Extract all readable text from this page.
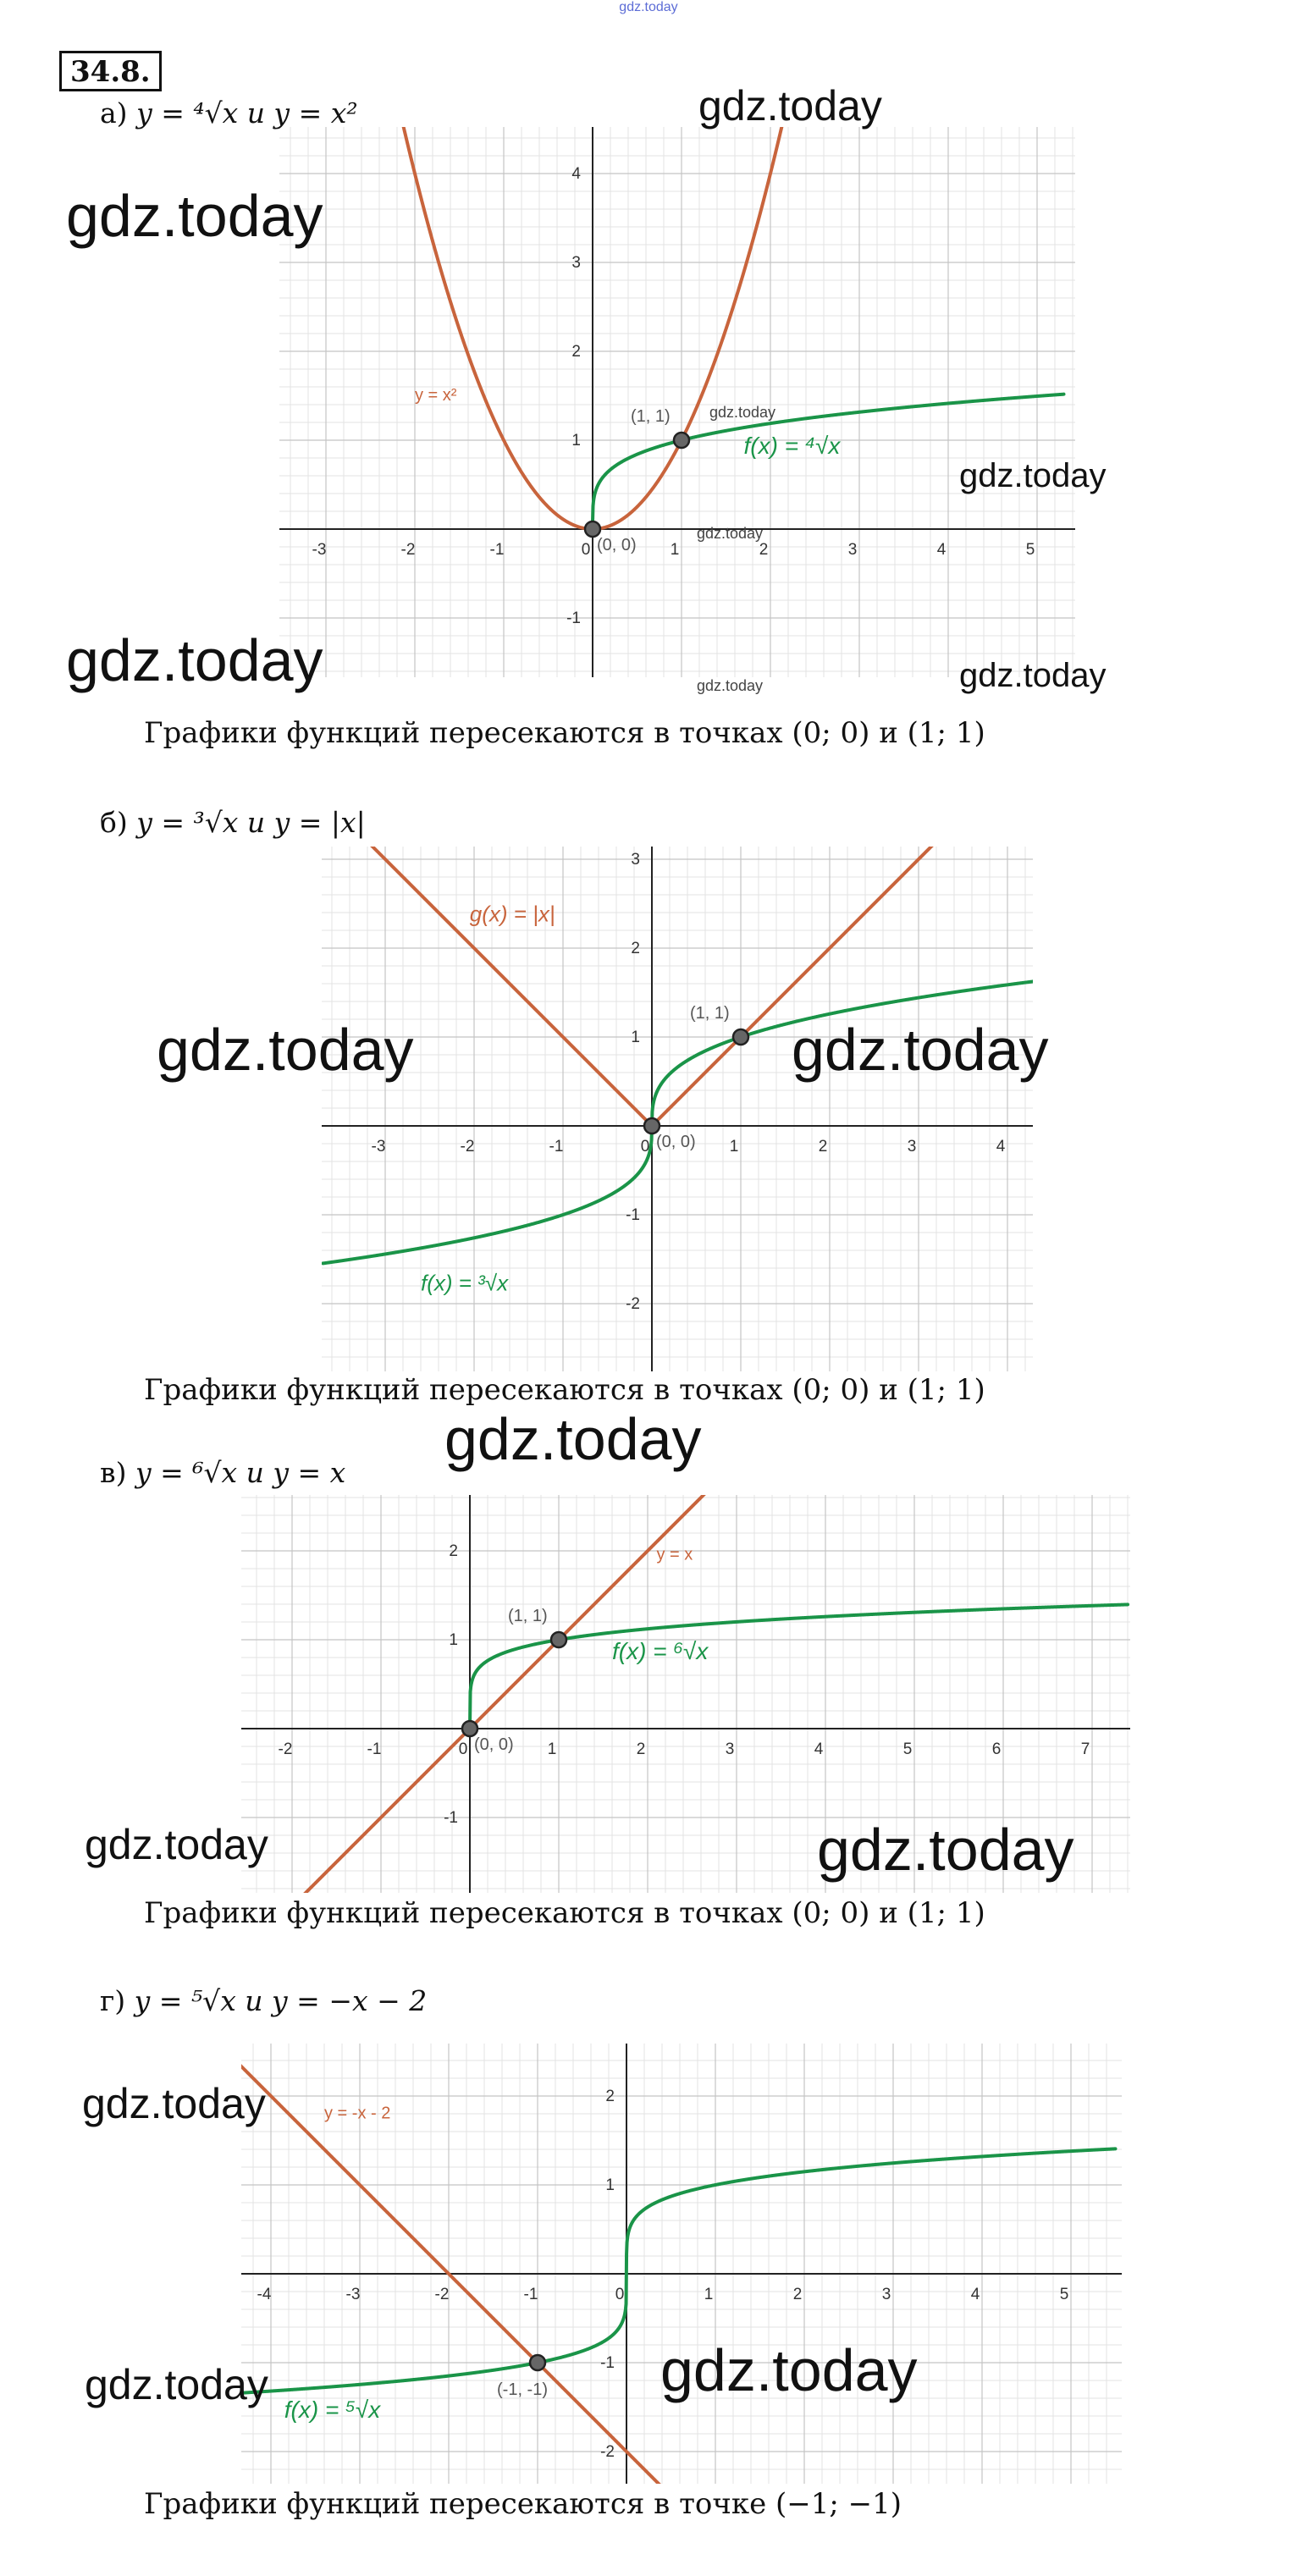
gdz.today
34.8.
а) y = ⁴√x и y = x²
-3	-2	-1	0	1	2	3	4	5
-1
1
2
3
4
y = x²
f(x) = ⁴√x
(0, 0)
(1, 1)
Графики функций пересекаются в точках (0; 0) и (1; 1)
б) y = ³√x и y = |x|
-3	-2	-1	0	1	2	3	4
-2
-1
1
2
3
g(x) = |x|
f(x) = ³√x
(0, 0)
(1, 1)
Графики функций пересекаются в точках (0; 0) и (1; 1)
в) y = ⁶√x и y = x
-2	-1	0	1	2	3	4	5	6	7
-1
1
2	y = x
f(x) = ⁶√x
(0, 0)
(1, 1)
Графики функций пересекаются в точках (0; 0) и (1; 1)
г) y = ⁵√x и y = −x − 2
-4	-3	-2	-1	0	1	2	3	4	5
-2
-1
1
2
y = -x - 2
f(x) = ⁵√x
(-1, -1)
Графики функций пересекаются в точке (−1; −1)
gdz.today
gdz.today
gdz.today
gdz.today	gdz.today
gdz.today
gdz.today
gdz.today
gdz.today	gdz.today
gdz.today
gdz.today	gdz.today
gdz.today
gdz.today	gdz.today
